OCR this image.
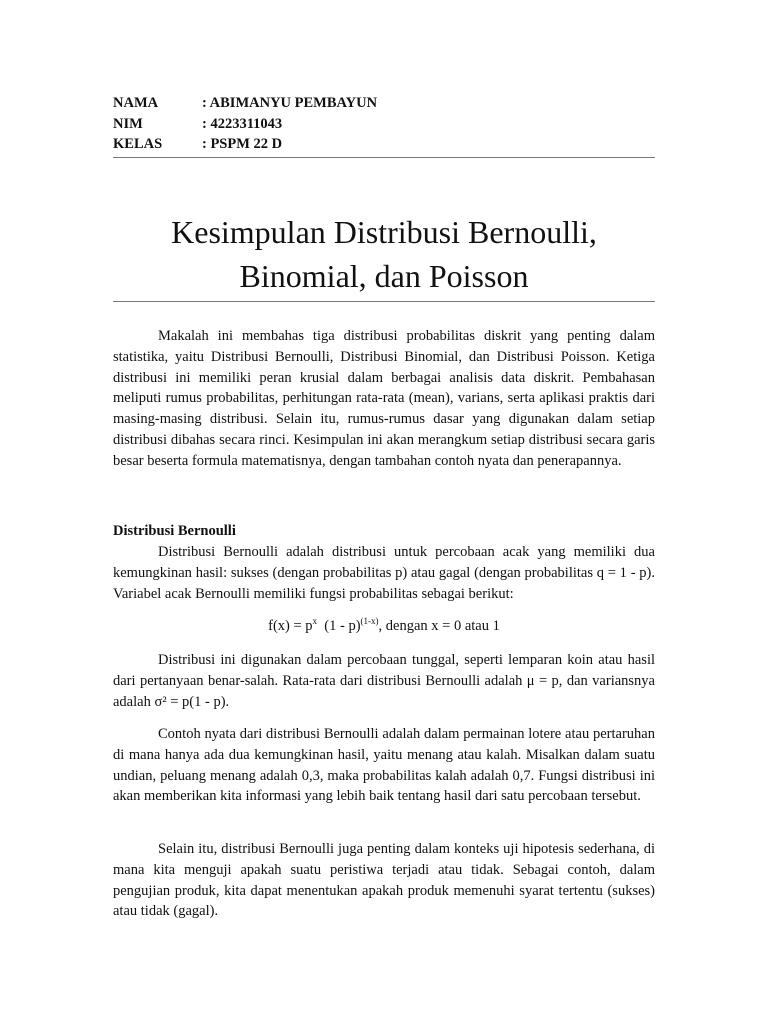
NAMA	: ABIMANYU PEMBAYUN
NIM	: 4223311043
KELAS	: PSPM 22 D
Kesimpulan Distribusi Bernoulli,
Binomial, dan Poisson

Makalah ini membahas tiga distribusi probabilitas diskrit yang penting dalam statistika, yaitu Distribusi Bernoulli, Distribusi Binomial, dan Distribusi Poisson. Ketiga distribusi ini memiliki peran krusial dalam berbagai analisis data diskrit. Pembahasan meliputi rumus probabilitas, perhitungan rata-rata (mean), varians, serta aplikasi praktis dari masing-masing distribusi. Selain itu, rumus-rumus dasar yang digunakan dalam setiap distribusi dibahas secara rinci. Kesimpulan ini akan merangkum setiap distribusi secara garis besar beserta formula matematisnya, dengan tambahan contoh nyata dan penerapannya.

Distribusi Bernoulli

Distribusi Bernoulli adalah distribusi untuk percobaan acak yang memiliki dua kemungkinan hasil: sukses (dengan probabilitas p) atau gagal (dengan probabilitas q = 1 - p). Variabel acak Bernoulli memiliki fungsi probabilitas sebagai berikut:

$f(x) = p^x$  (1 - p)$^{(1-x)}$, dengan x = 0 atau 1

Distribusi ini digunakan dalam percobaan tunggal, seperti lemparan koin atau hasil dari pertanyaan benar-salah. Rata-rata dari distribusi Bernoulli adalah μ = p, dan variansnya adalah σ² = p(1 - p).

Contoh nyata dari distribusi Bernoulli adalah dalam permainan lotere atau pertaruhan di mana hanya ada dua kemungkinan hasil, yaitu menang atau kalah. Misalkan dalam suatu undian, peluang menang adalah 0,3, maka probabilitas kalah adalah 0,7. Fungsi distribusi ini akan memberikan kita informasi yang lebih baik tentang hasil dari satu percobaan tersebut.

Selain itu, distribusi Bernoulli juga penting dalam konteks uji hipotesis sederhana, di mana kita menguji apakah suatu peristiwa terjadi atau tidak. Sebagai contoh, dalam pengujian produk, kita dapat menentukan apakah produk memenuhi syarat tertentu (sukses) atau tidak (gagal).
